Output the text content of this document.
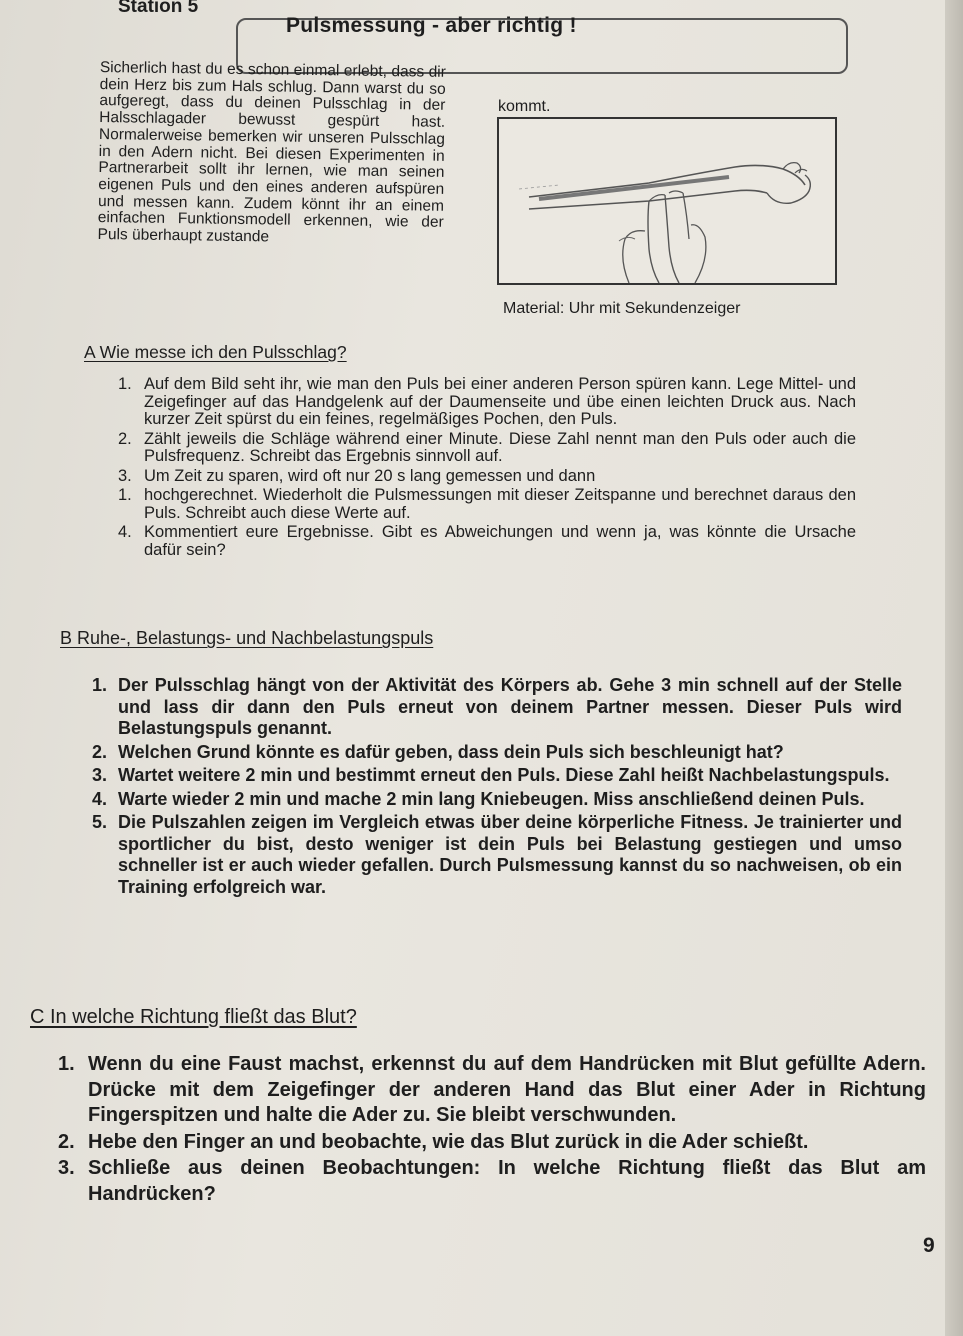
Station 5
Pulsmessung - aber richtig !

Sicherlich hast du es schon einmal erlebt, dass dir dein Herz bis zum Hals schlug. Dann warst du so aufgeregt, dass du deinen Pulsschlag in der Halsschlagader bewusst gespürt hast. Normalerweise bemerken wir unseren Pulsschlag in den Adern nicht. Bei diesen Experimenten in Partnerarbeit sollt ihr lernen, wie man seinen eigenen Puls und den eines anderen aufspüren und messen kann. Zudem könnt ihr an einem einfachen Funktionsmodell erkennen, wie der Puls überhaupt zustande

kommt.
Material: Uhr mit Sekundenzeiger
A Wie messe ich den Pulsschlag?
1. Auf dem Bild seht ihr, wie man den Puls bei einer anderen Person spüren kann. Lege Mittel- und Zeigefinger auf das Handgelenk auf der Daumenseite und übe einen leichten Druck aus. Nach kurzer Zeit spürst du ein feines, regelmäßiges Pochen, den Puls.
2. Zählt jeweils die Schläge während einer Minute. Diese Zahl nennt man den Puls oder auch die Pulsfrequenz. Schreibt das Ergebnis sinnvoll auf.
3. Um Zeit zu sparen, wird oft nur 20 s lang gemessen und dann
1. hochgerechnet. Wiederholt die Pulsmessungen mit dieser Zeitspanne und berechnet daraus den Puls. Schreibt auch diese Werte auf.
4. Kommentiert eure Ergebnisse. Gibt es Abweichungen und wenn ja, was könnte die Ursache dafür sein?
B Ruhe-, Belastungs- und Nachbelastungspuls
1. Der Pulsschlag hängt von der Aktivität des Körpers ab. Gehe 3 min schnell auf der Stelle und lass dir dann den Puls erneut von deinem Partner messen. Dieser Puls wird Belastungspuls genannt.
2. Welchen Grund könnte es dafür geben, dass dein Puls sich beschleunigt hat?
3. Wartet weitere 2 min und bestimmt erneut den Puls. Diese Zahl heißt Nachbelastungspuls.
4. Warte wieder 2 min und mache 2 min lang Kniebeugen. Miss anschließend deinen Puls.
5. Die Pulszahlen zeigen im Vergleich etwas über deine körperliche Fitness. Je trainierter und sportlicher du bist, desto weniger ist dein Puls bei Belastung gestiegen und umso schneller ist er auch wieder gefallen. Durch Pulsmessung kannst du so nachweisen, ob ein Training erfolgreich war.
C In welche Richtung fließt das Blut?
1. Wenn du eine Faust machst, erkennst du auf dem Handrücken mit Blut gefüllte Adern. Drücke mit dem Zeigefinger der anderen Hand das Blut einer Ader in Richtung Fingerspitzen und halte die Ader zu. Sie bleibt verschwunden.
2. Hebe den Finger an und beobachte, wie das Blut zurück in die Ader schießt.
3. Schließe aus deinen Beobachtungen: In welche Richtung fließt das Blut am Handrücken?
9
